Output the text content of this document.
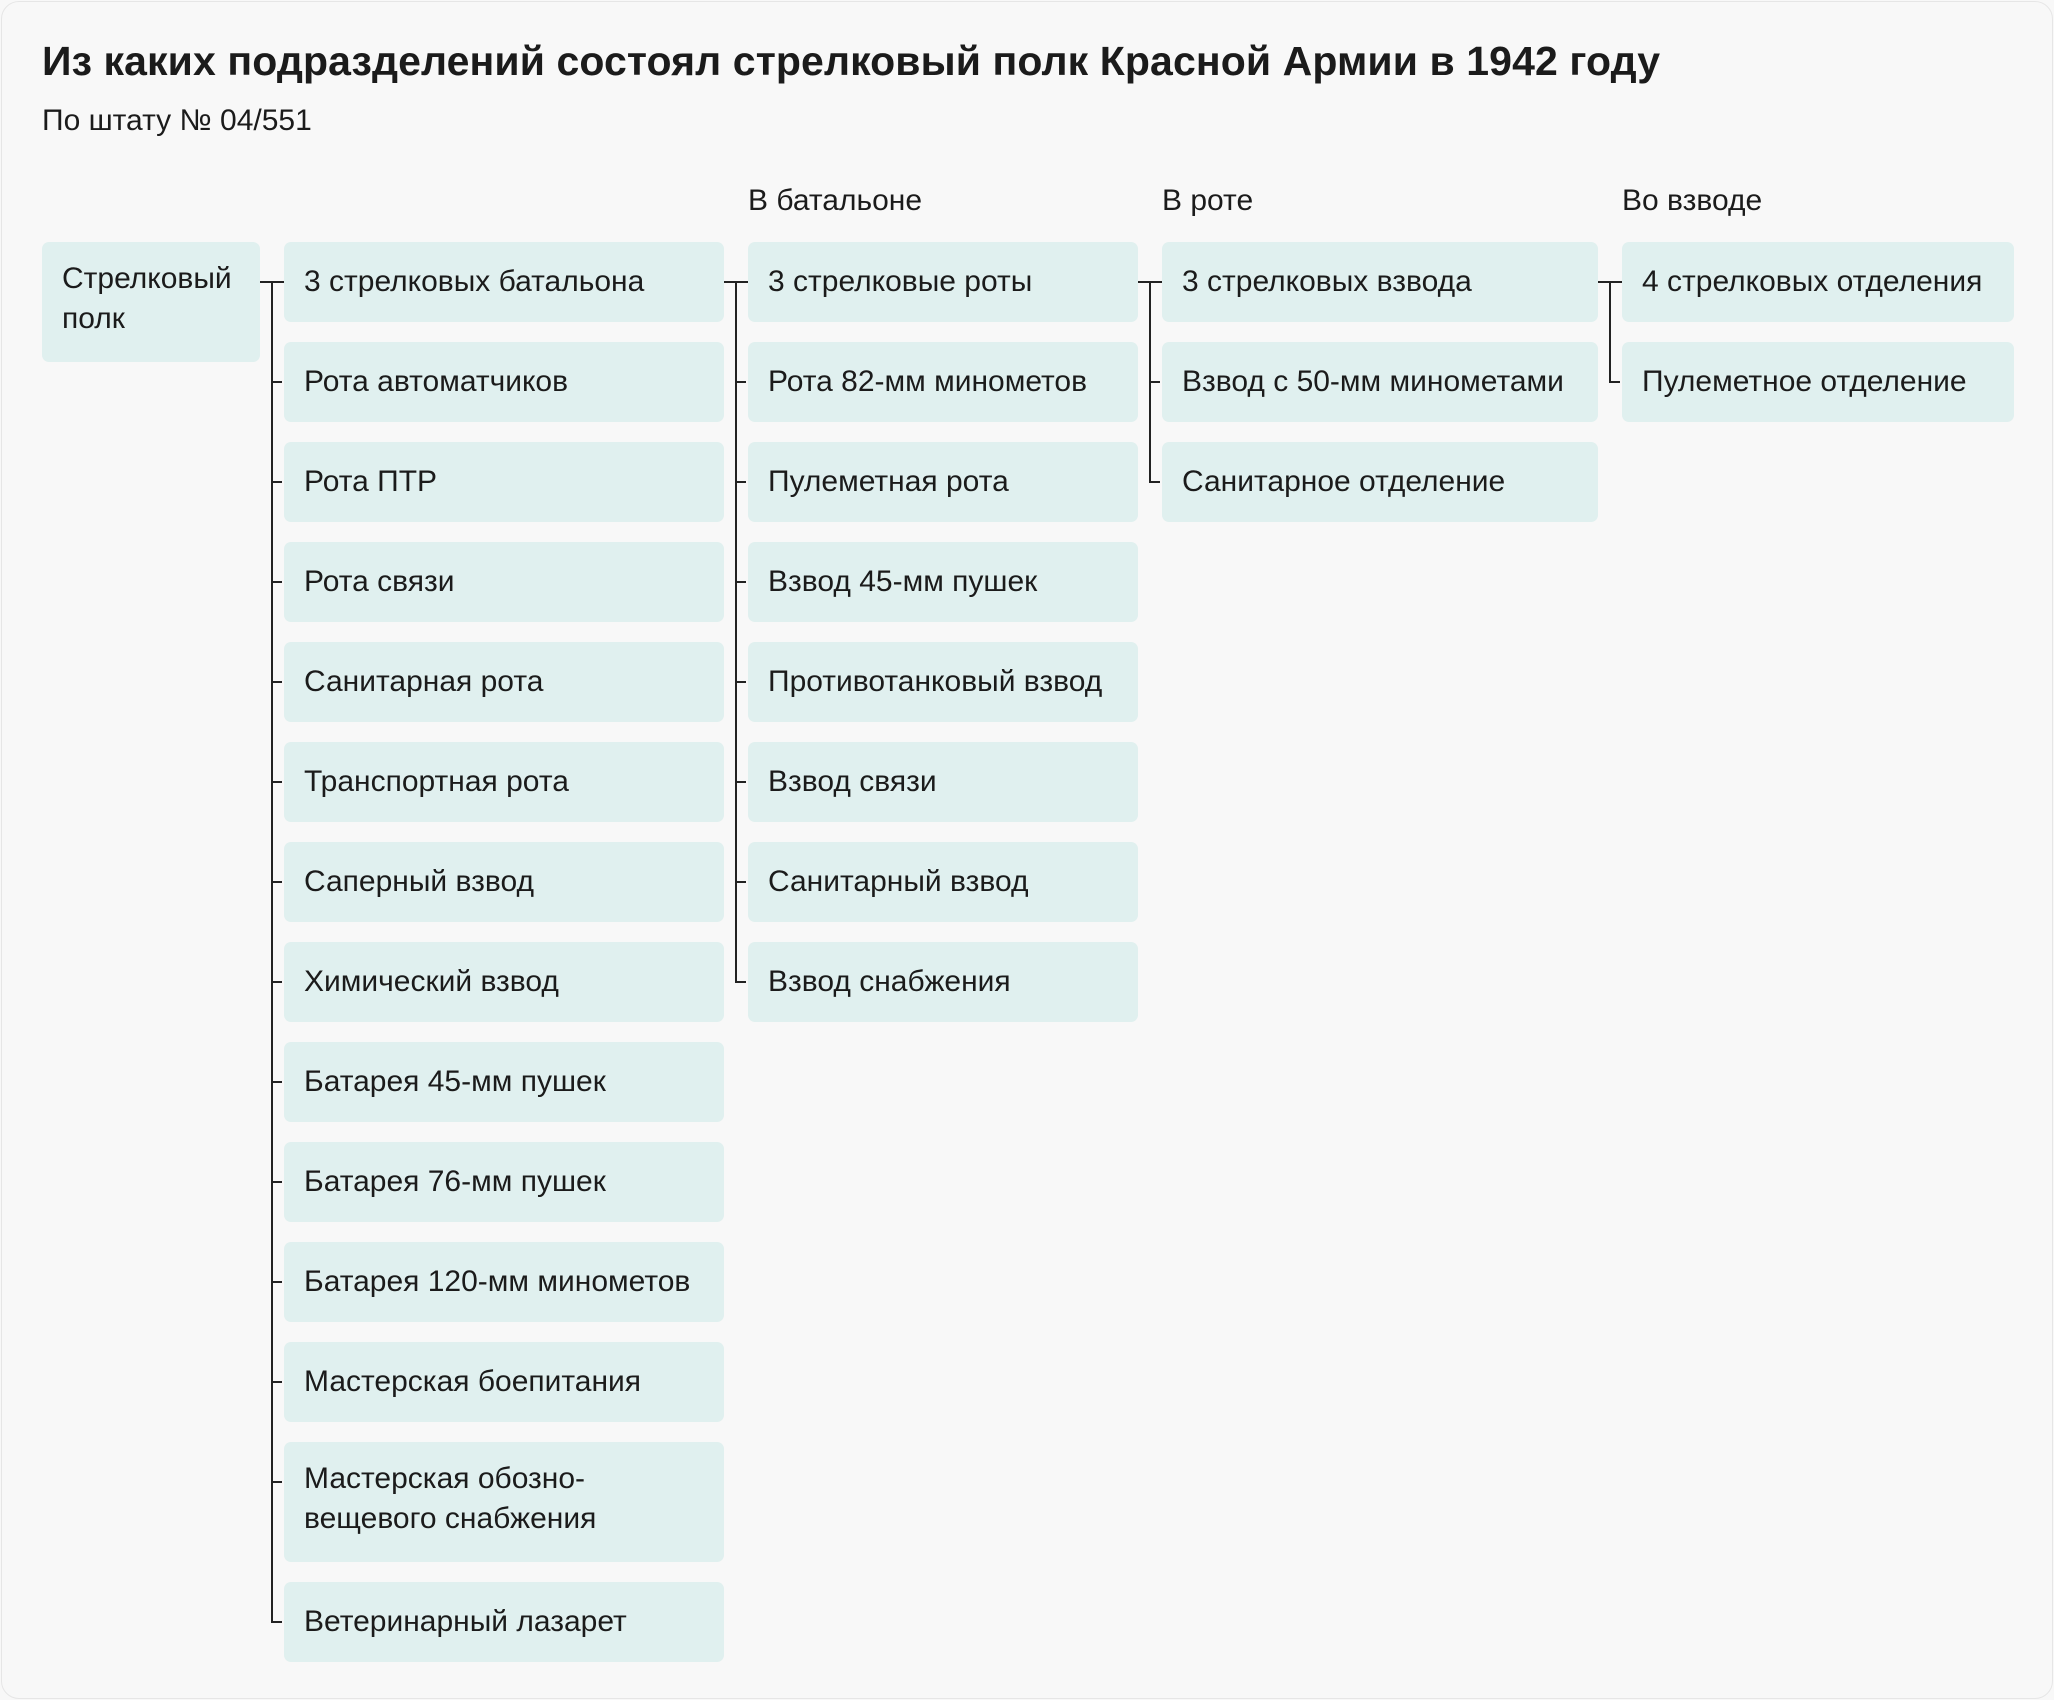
Из каких подразделений состоял стрелковый полк Красной Армии в 1942 году
По штату № 04/551
В батальоне	В роте	Во взводе
Стрелковый полк
3 стрелковых батальона
Рота автоматчиков
Рота ПТР
Рота связи
Санитарная рота
Транспортная рота
Саперный взвод
Химический взвод
Батарея 45-мм пушек
Батарея 76-мм пушек
Батарея 120-мм минометов
Мастерская боепитания
Мастерская обозно-вещевого снабжения
Ветеринарный лазарет
3 стрелковые роты
Рота 82-мм минометов
Пулеметная рота
Взвод 45-мм пушек
Противотанковый взвод
Взвод связи
Санитарный взвод
Взвод снабжения
3 стрелковых взвода
Взвод с 50-мм минометами
Санитарное отделение
4 стрелковых отделения
Пулеметное отделение
